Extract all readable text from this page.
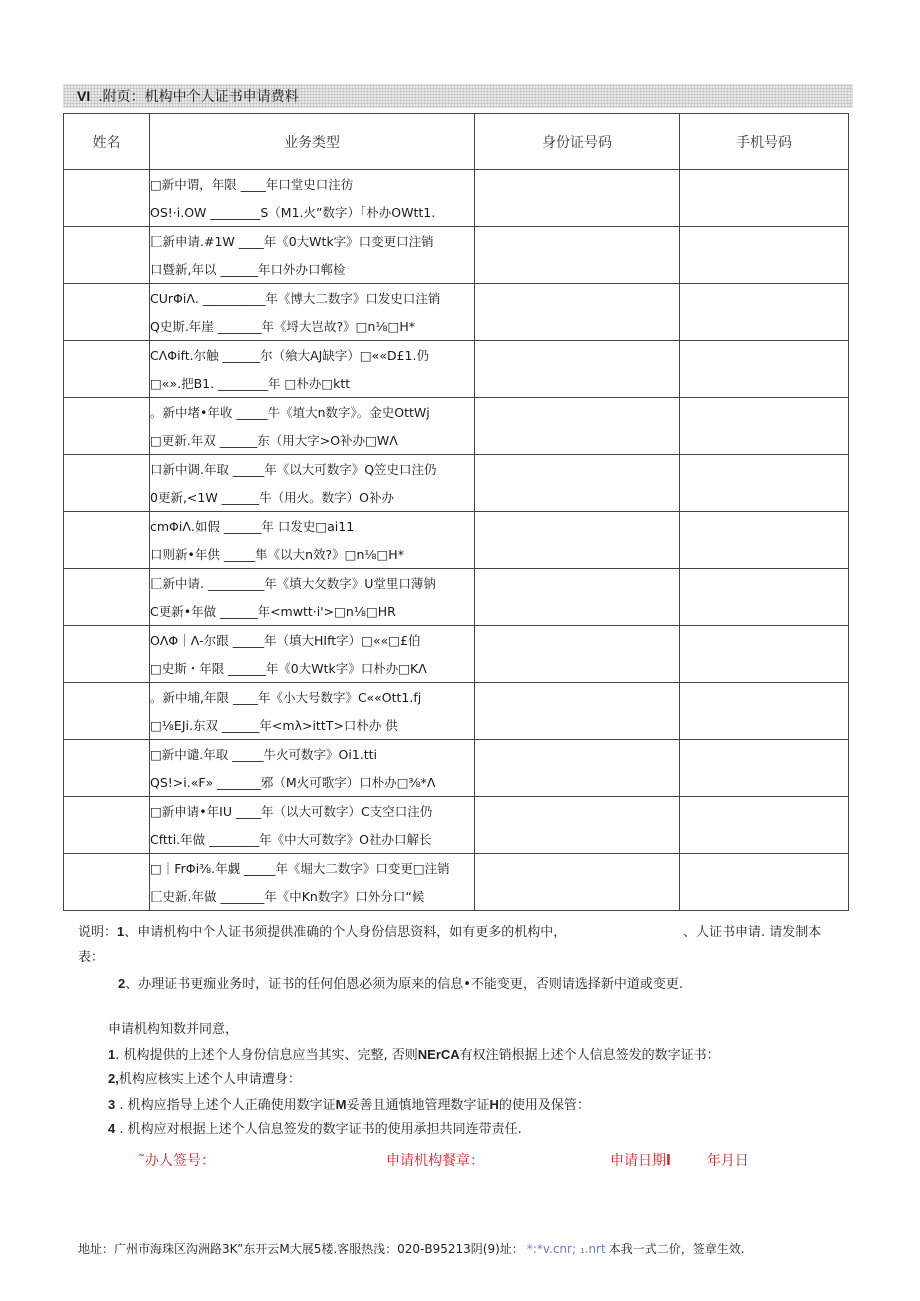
VI .附页：机构中个人证书申请费料
姓名	业务类型	身份证号码	手机号码

	□新中谓，年限 ____年口堂史口注彷
OS!·i.OW ________S（M1.火”数字）「朴办OWtt1.		

	匚新申请.#1W ____年《0大Wtk字》口变更口注销
口暨新,年以 ______年口外办口郸检		

	CUrΦiΛ. __________年《博大二数字》口发史口注销
Q史斯.年崖 _______年《埒大岂故?》□n⅛□H*		

	CΛΦift.尔触 ______尔（飨大AJ缺字）□««D£1.仍
□«».把B1. ________年 □朴办□ktt		

	。新中堵•年收 _____牛《埴大n数字》。金史OttWj
□更新.年双 ______东（用大字>O补办□WΛ		

	口新中调.年取 _____年《以大可数字》Q笠史口注仍
0更新,<1W ______牛（用火。数字）O补办		

	cmΦiΛ.如假 ______年 口发史□ai11
口则新•年供 _____隼《以大n效?》□n⅛□H*		

	匚新中请. _________年《填大攵数字》U堂里口薄钠
C更新•年做 ______年<mwtt·i'>□n⅛□HR		

	OΛΦ｜Λ-尔跟 _____年（填大HIft字）□««□£伯
□史斯・年限 ______年《0大Wtk字》口朴办□KΛ		

	。新中埔,年限 ____年《小大号数字》C««Ott1.fj
□⅛EJi.东双 ______年<mλ>ittT>口朴办 供		

	□新中谴.年取 _____牛火可数字》Oi1.tti
QS!>i.«F» _______邪（M火可歌字）口朴办□⅜*Λ		

	□新申请•年IU ____年（以大可数字）C支空口注仍
Cftti.年做 ________年《中大可数字》O社办口解长		

	□｜FrΦi⅜.年觑 _____年《堀大二数字》口变更□注销
匚史新.年做 _______年《中Kn数字》口外分口“候		

说明：1、申请机构中个人证书须提供准确的个人身份信思资料，如有更多的机构中，	、人证书申请. 请发制本
表：
2、办理证书更痂业务时，证书的任何伯恩必须为原来的信息•不能变更，否则请选择新中道或变更.
申请机构知数并同意，
1. 机构提供的上述个人身份信息应当其实、完整, 否则NErCA有权注销根据上述个人信息签发的数字证书：
2,机构应核实上述个人申请遭身：
3 . 机构应指导上述个人正确使用数字证M妥善且通慎地管理数字证H的使用及保管：
4 . 机构应对根据上述个人信息签发的数字证书的使用承担共同连带责任.
˜办人签号：	申请机构餐章：	申请日期l	年月日
地址：广州市海珠区沟洲路3K”东开云M大展5楼.客服热浅：020-B95213阴(9)址： *:*v.cnr; ₁.nrt 本我一式二价，签章生效.
